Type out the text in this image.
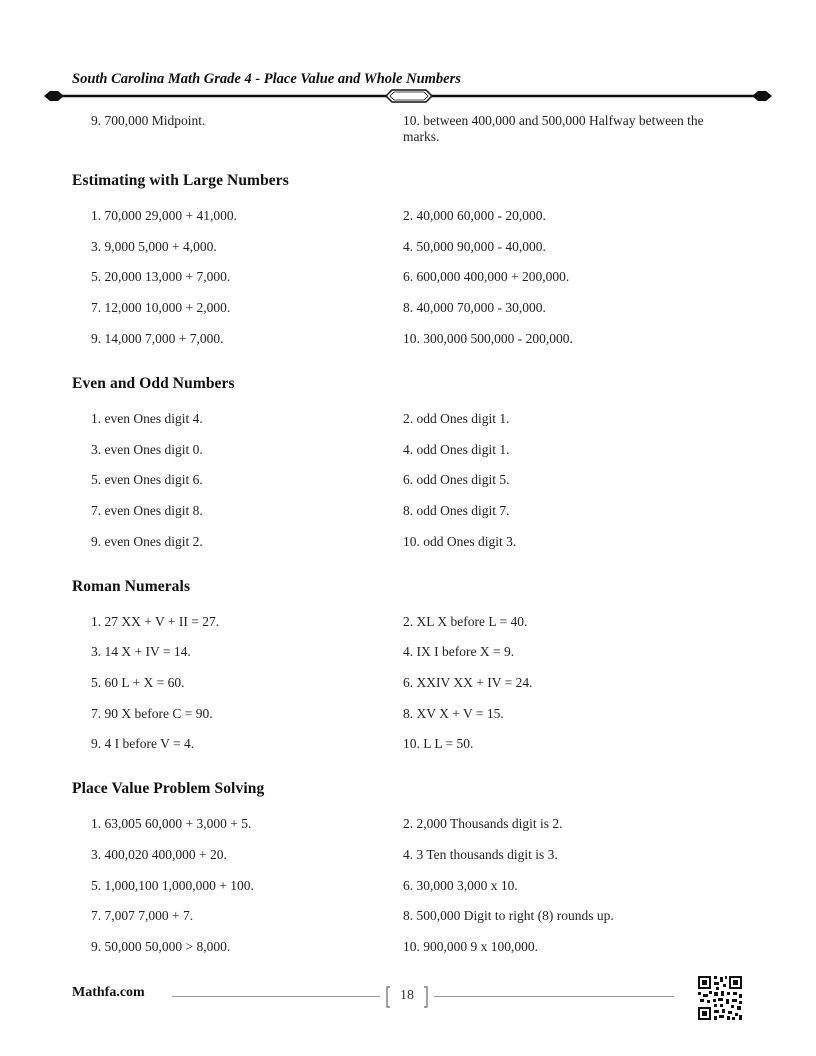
South Carolina Math Grade 4 - Place Value and Whole Numbers
9. 700,000 Midpoint.	10. between 400,000 and 500,000 Halfway between the marks.
Estimating with Large Numbers
1. 70,000 29,000 + 41,000.	2. 40,000 60,000 - 20,000.
3. 9,000 5,000 + 4,000.	4. 50,000 90,000 - 40,000.
5. 20,000 13,000 + 7,000.	6. 600,000 400,000 + 200,000.
7. 12,000 10,000 + 2,000.	8. 40,000 70,000 - 30,000.
9. 14,000 7,000 + 7,000.	10. 300,000 500,000 - 200,000.
Even and Odd Numbers
1. even Ones digit 4.	2. odd Ones digit 1.
3. even Ones digit 0.	4. odd Ones digit 1.
5. even Ones digit 6.	6. odd Ones digit 5.
7. even Ones digit 8.	8. odd Ones digit 7.
9. even Ones digit 2.	10. odd Ones digit 3.
Roman Numerals
1. 27 XX + V + II = 27.	2. XL X before L = 40.
3. 14 X + IV = 14.	4. IX I before X = 9.
5. 60 L + X = 60.	6. XXIV XX + IV = 24.
7. 90 X before C = 90.	8. XV X + V = 15.
9. 4 I before V = 4.	10. L L = 50.
Place Value Problem Solving
1. 63,005 60,000 + 3,000 + 5.	2. 2,000 Thousands digit is 2.
3. 400,020 400,000 + 20.	4. 3 Ten thousands digit is 3.
5. 1,000,100 1,000,000 + 100.	6. 30,000 3,000 x 10.
7. 7,007 7,000 + 7.	8. 500,000 Digit to right (8) rounds up.
9. 50,000 50,000 > 8,000.	10. 900,000 9 x 100,000.
Mathfa.com	18
